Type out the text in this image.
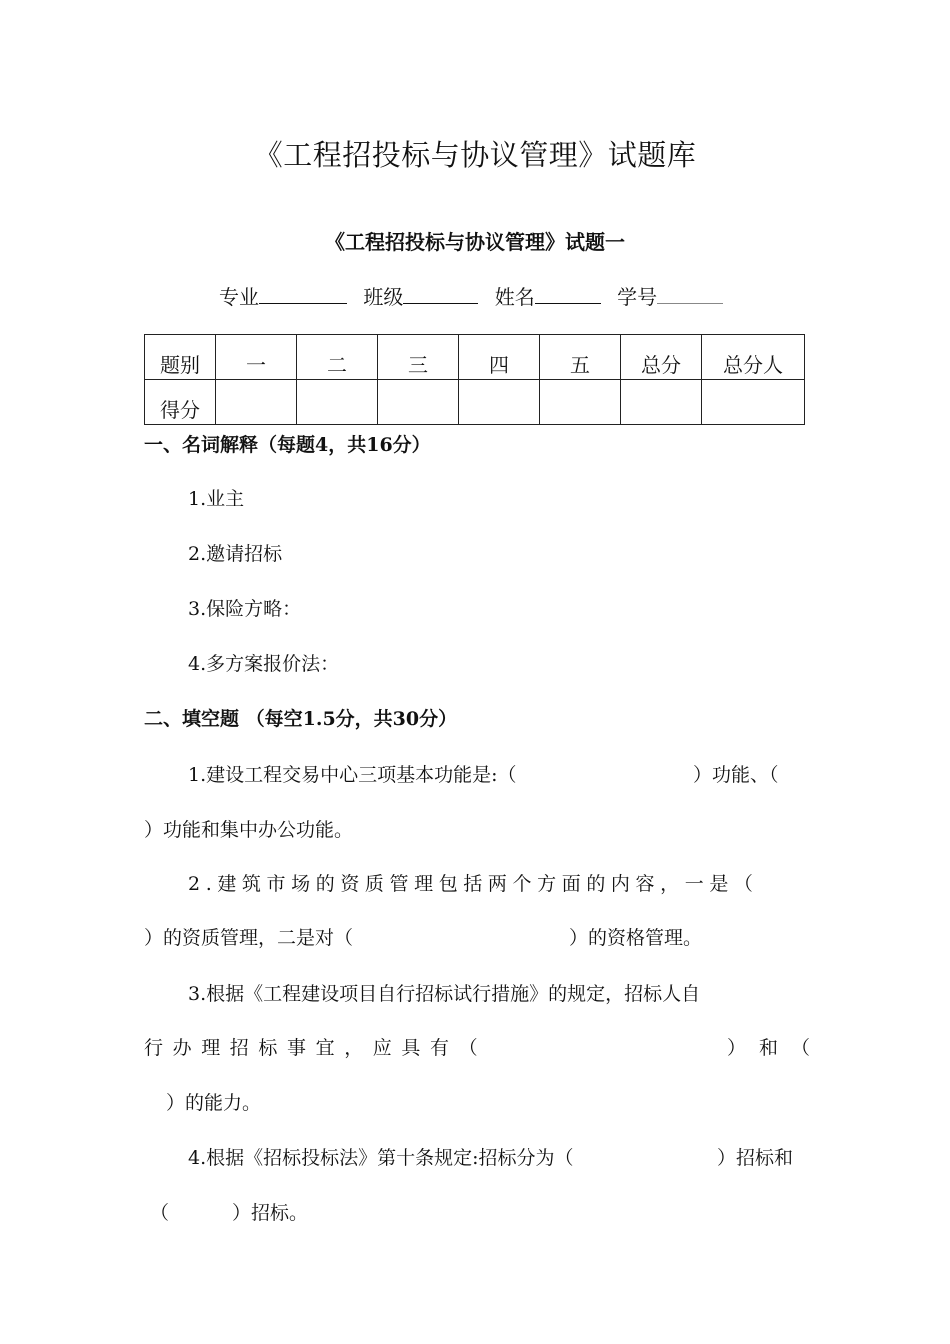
《工程招投标与协议管理》试题库
《工程招投标与协议管理》试题一
专业	班级	姓名	学号
题别	一	二	三	四	五	总分	总分人
得分							
一、名词解释（每题4，共16分）
1.业主
2.邀请招标
3.保险方略：
4.多方案报价法：
二、填空题 （每空1.5分，共30分）
1.建设工程交易中心三项基本功能是:（	）功能、（
）功能和集中办公功能。
2.建筑市场的资质管理包括两个方面的内容，一是（
）的资质管理，二是对（	）的资格管理。
3.根据《工程建设项目自行招标试行措施》的规定，招标人自
行办理招标事宜，应具有（	）和（
）的能力。
4.根据《招标投标法》第十条规定:招标分为（	）招标和
（	）招标。
